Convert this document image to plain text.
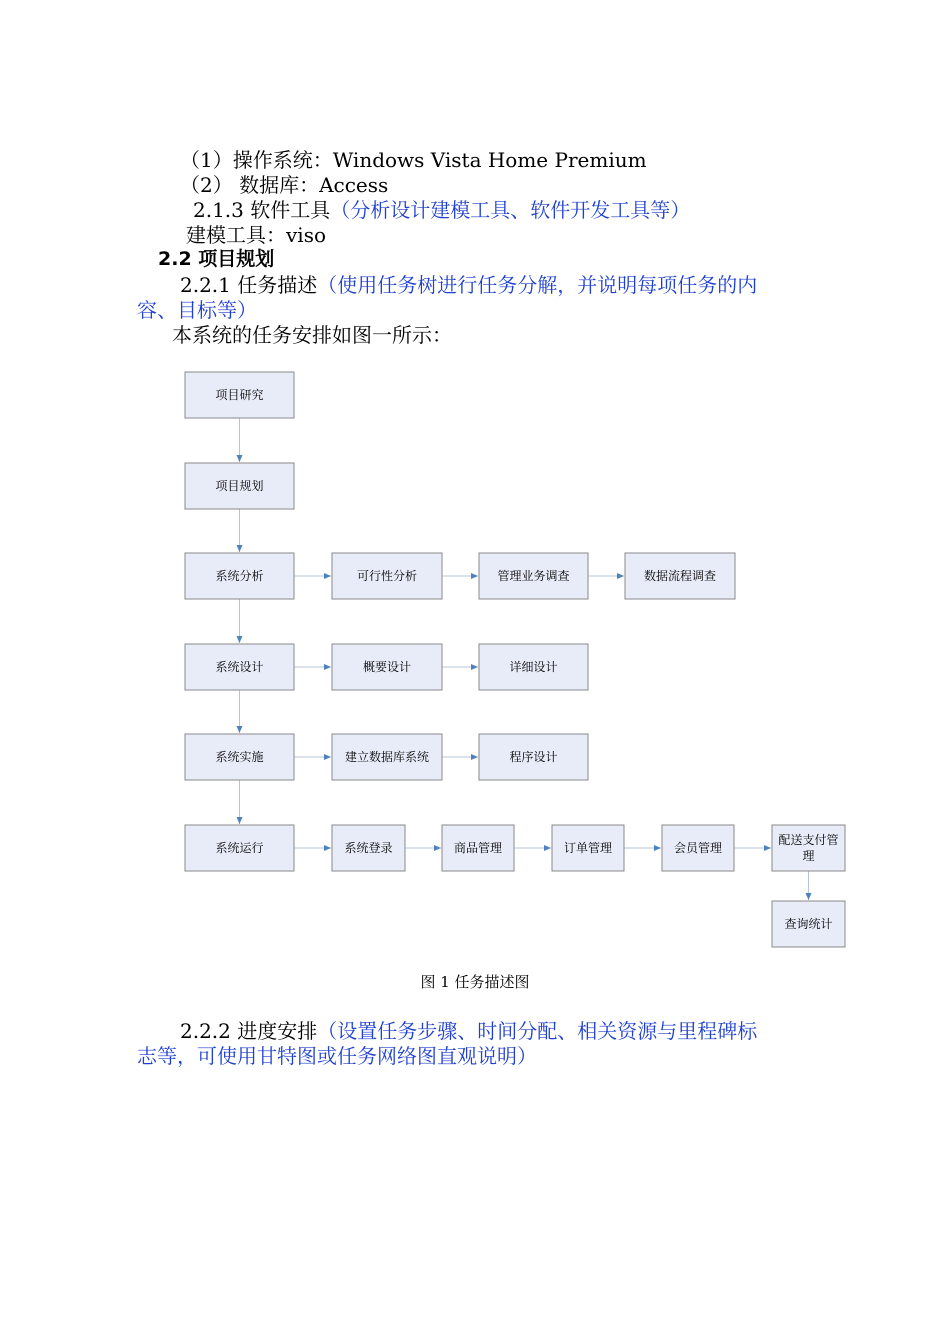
（1）操作系统：Windows Vista Home Premium
（2） 数据库：Access
2.1.3 软件工具（分析设计建模工具、软件开发工具等）
建模工具：viso
2.2 项目规划
2.2.1 任务描述（使用任务树进行任务分解，并说明每项任务的内
容、目标等）
本系统的任务安排如图一所示：
项目研究
项目规划
系统分析	可行性分析	管理业务调查	数据流程调查
系统设计	概要设计	详细设计
系统实施	建立数据库系统	程序设计
系统运行	系统登录	商品管理	订单管理	会员管理
配送支付管理
查询统计
图 1 任务描述图
2.2.2 进度安排（设置任务步骤、时间分配、相关资源与里程碑标
志等，可使用甘特图或任务网络图直观说明）
